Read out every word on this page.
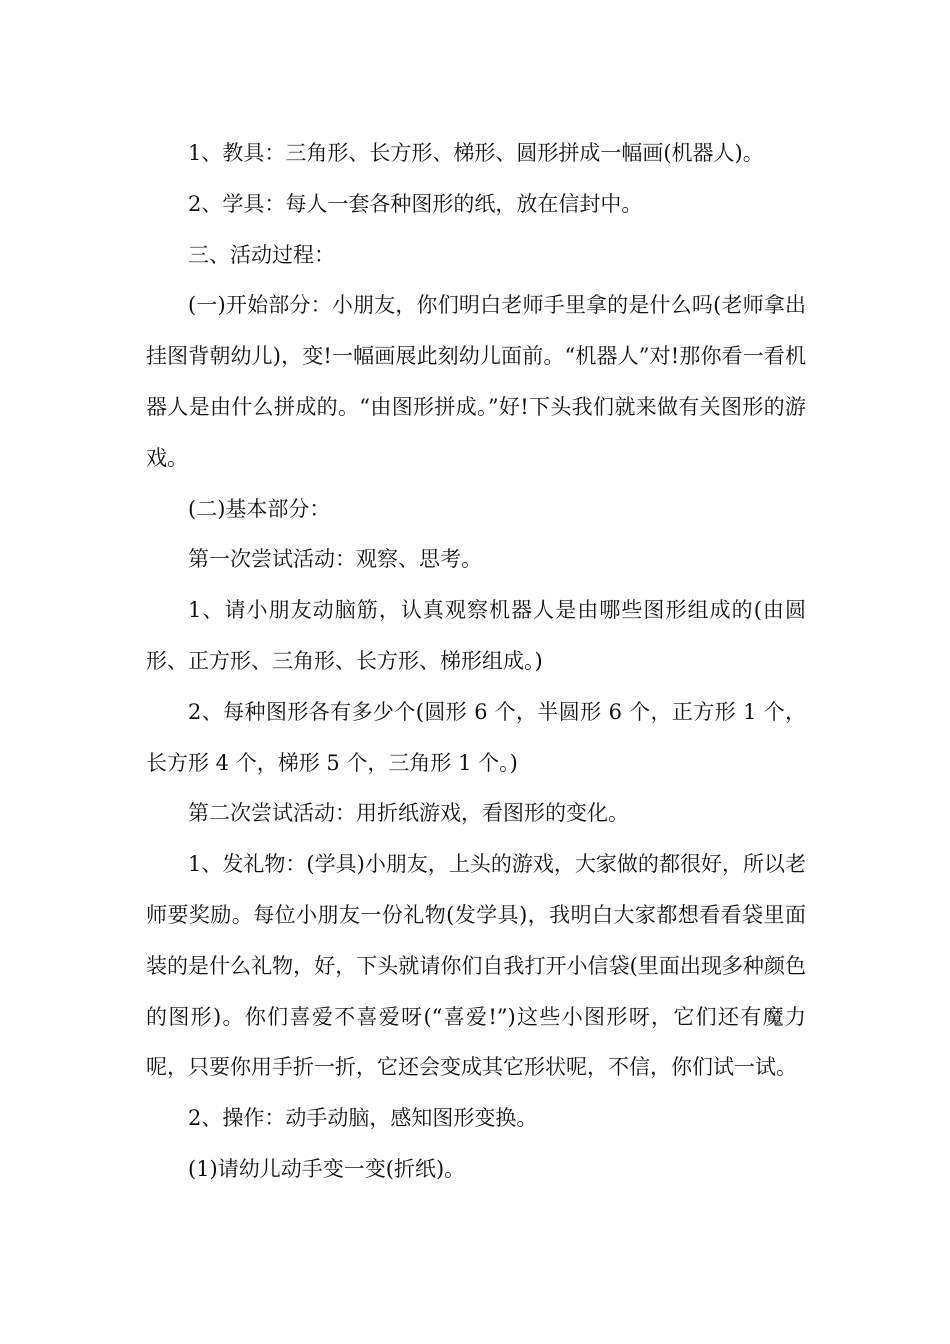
1、教具：三角形、长方形、梯形、圆形拼成一幅画(机器人)。

2、学具：每人一套各种图形的纸，放在信封中。

三、活动过程：

(一)开始部分：小朋友，你们明白老师手里拿的是什么吗(老师拿出挂图背朝幼儿)，变!一幅画展此刻幼儿面前。“机器人”对!那你看一看机器人是由什么拼成的。“由图形拼成。”好!下头我们就来做有关图形的游戏。

(二)基本部分：

第一次尝试活动：观察、思考。

1、请小朋友动脑筋，认真观察机器人是由哪些图形组成的(由圆形、正方形、三角形、长方形、梯形组成。)

2、每种图形各有多少个(圆形 6 个，半圆形 6 个，正方形 1 个，长方形 4 个，梯形 5 个，三角形 1 个。)

第二次尝试活动：用折纸游戏，看图形的变化。

1、发礼物：(学具)小朋友，上头的游戏，大家做的都很好，所以老师要奖励。每位小朋友一份礼物(发学具)，我明白大家都想看看袋里面装的是什么礼物，好，下头就请你们自我打开小信袋(里面出现多种颜色的图形)。你们喜爱不喜爱呀(“喜爱!”)这些小图形呀，它们还有魔力呢，只要你用手折一折，它还会变成其它形状呢，不信，你们试一试。

2、操作：动手动脑，感知图形变换。

(1)请幼儿动手变一变(折纸)。
